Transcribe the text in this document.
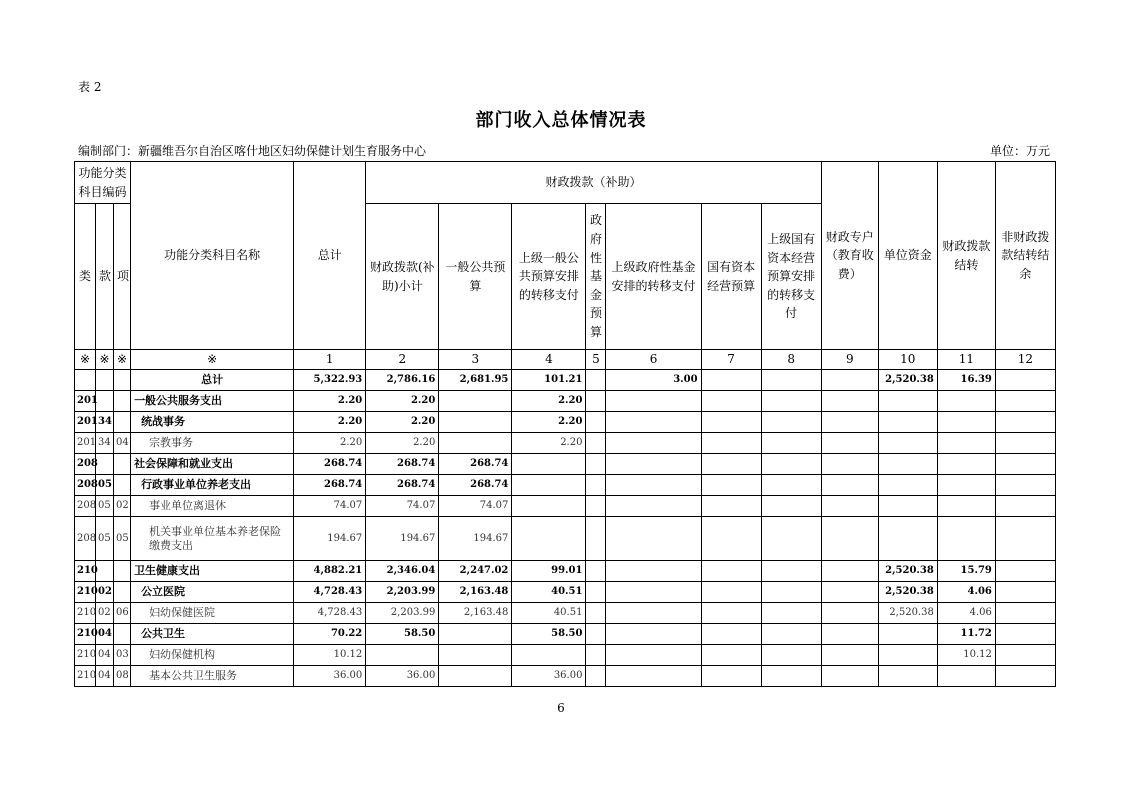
表 2
部门收入总体情况表
编制部门：新疆维吾尔自治区喀什地区妇幼保健计划生育服务中心	单位：万元
功能分类科目编码			功能分类科目名称	总计	财政拨款（补助）							财政专户（教育收费）	单位资金	财政拨款结转	非财政拨款结转结余
类	款	项			财政拨款(补助)小计	一般公共预算	上级一般公共预算安排的转移支付	政府性基金预算	上级政府性基金安排的转移支付	国有资本经营预算	上级国有资本经营预算安排的转移支付				
※	※	※	※	1	2	3	4	5	6	7	8	9	10	11	12
			总计	5,322.93	2,786.16	2,681.95	101.21		3.00				2,520.38	16.39	
201			一般公共服务支出	2.20	2.20		2.20								
201	34		统战事务	2.20	2.20		2.20								
201	34	04	宗教事务	2.20	2.20		2.20								
208			社会保障和就业支出	268.74	268.74	268.74									
208	05		行政事业单位养老支出	268.74	268.74	268.74									
208	05	02	事业单位离退休	74.07	74.07	74.07									
208	05	05	机关事业单位基本养老保险缴费支出	194.67	194.67	194.67									
210			卫生健康支出	4,882.21	2,346.04	2,247.02	99.01						2,520.38	15.79	
210	02		公立医院	4,728.43	2,203.99	2,163.48	40.51						2,520.38	4.06	
210	02	06	妇幼保健医院	4,728.43	2,203.99	2,163.48	40.51						2,520.38	4.06	
210	04		公共卫生	70.22	58.50		58.50							11.72	
210	04	03	妇幼保健机构	10.12										10.12	
210	04	08	基本公共卫生服务	36.00	36.00		36.00								
6
